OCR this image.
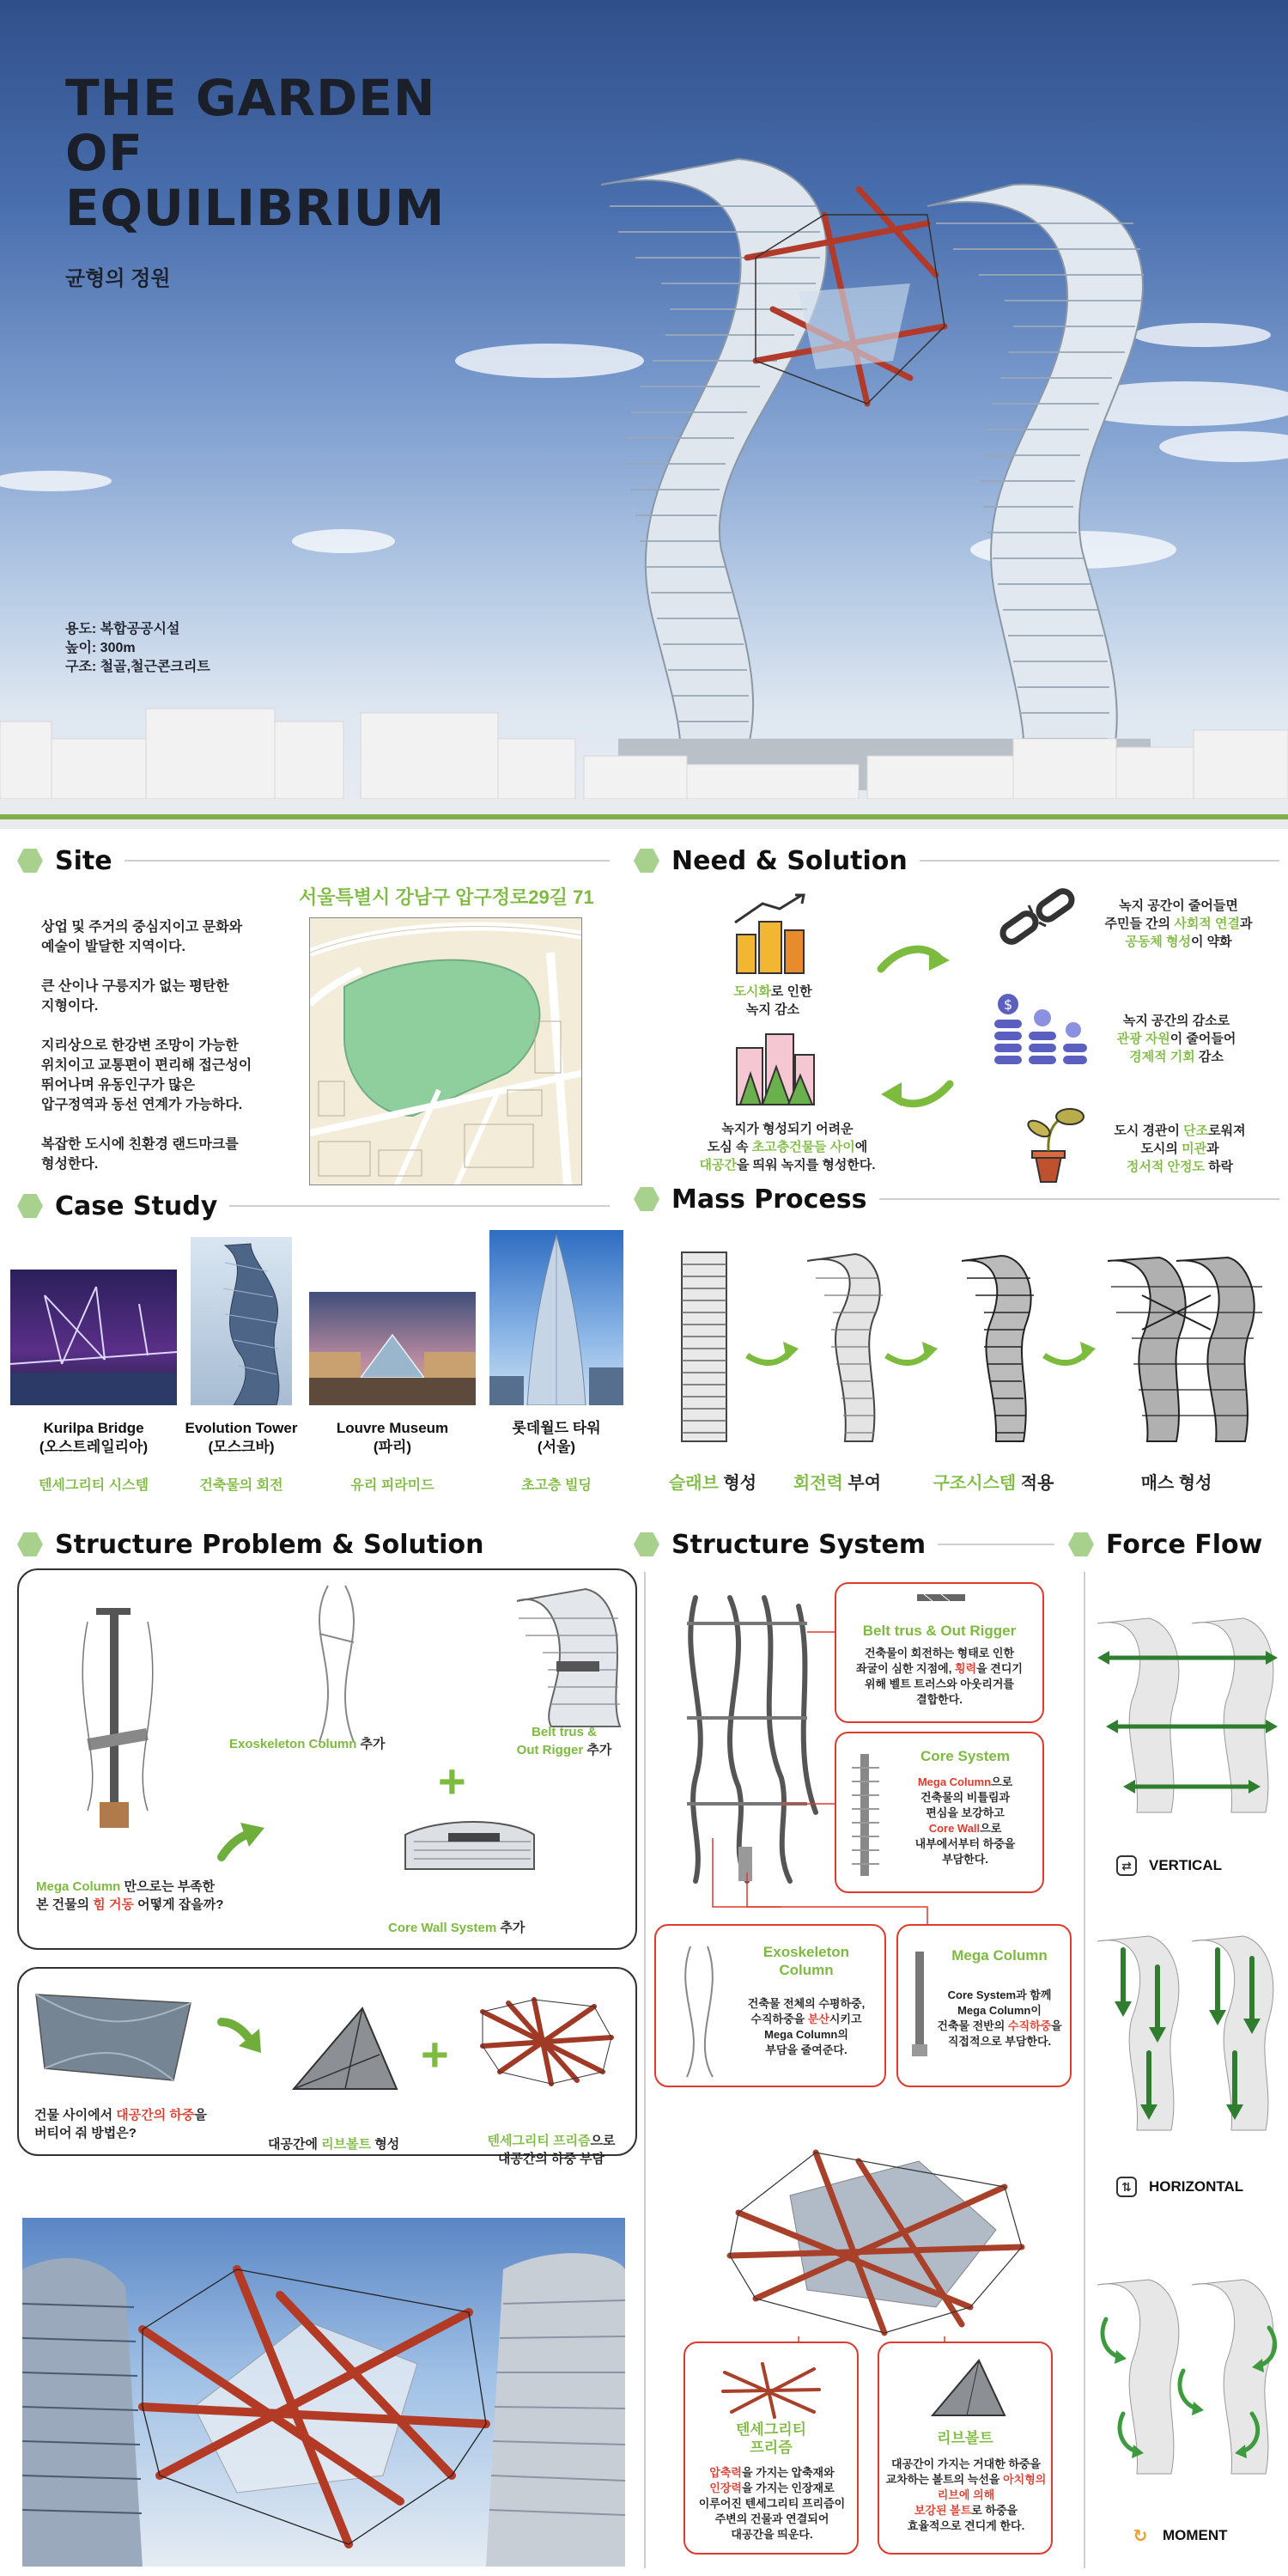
THE GARDEN
OF
EQUILIBRIUM
균형의 정원
용도: 복합공공시설
높이: 300m
구조: 철골,철근콘크리트
Site
서울특별시 강남구 압구정로29길 71

상업 및 주거의 중심지이고 문화와
예술이 발달한 지역이다.

큰 산이나 구릉지가 없는 평탄한
지형이다.

지리상으로 한강변 조망이 가능한
위치이고 교통편이 편리해 접근성이
뛰어나며 유동인구가 많은
압구정역과 동선 연계가 가능하다.

복잡한 도시에 친환경 랜드마크를
형성한다.

Need & Solution
도시화로 인한
녹지 감소
녹지 공간이 줄어들면
주민들 간의 사회적 연결과
공동체 형성이 약화
$
녹지 공간의 감소로
관광 자원이 줄어들어
경제적 기회 감소
녹지가 형성되기 어려운
도심 속 초고층건물들 사이에
대공간을 띄워 녹지를 형성한다.
도시 경관이 단조로워져
도시의 미관과
정서적 안정도 하락
Case Study
Kurilpa Bridge
(오스트레일리아)
Evolution Tower
(모스크바)
Louvre Museum
(파리)
롯데월드 타워
(서울)
텐세그리티 시스템	건축물의 회전	유리 피라미드	초고층 빌딩
Mass Process
슬래브 형성	회전력 부여	구조시스템 적용	매스 형성
Structure Problem & Solution
Exoskeleton Column 추가
+
Belt trus &
Out Rigger 추가
Core Wall System 추가
Mega Column 만으로는 부족한
본 건물의 힘 거동 어떻게 잡을까?
+
건물 사이에서 대공간의 하중을
버티어 줘 방법은?
대공간에 리브볼트 형성	텐세그리티 프리즘으로
대공간의 하중 부담
Structure System
Belt trus & Out Rigger
건축물이 회전하는 형태로 인한
좌굴이 심한 지점에, 횡력을 견디기
위해 벨트 트러스와 아웃리거를
결합한다.
Core System
Mega Column으로
건축물의 비틀림과
편심을 보강하고
Core Wall으로
내부에서부터 하중을
부담한다.
Exoskeleton
Column
건축물 전체의 수평하중,
수직하중을 분산시키고
Mega Column의
부담을 줄여준다.
Mega Column
Core System과 함께
Mega Column이
건축물 전반의 수직하중을
직접적으로 부담한다.
텐세그리티
프리즘
압축력을 가지는 압축재와
인장력을 가지는 인장재로
이루어진 텐세그리티 프리즘이
주변의 건물과 연결되어
대공간을 띄운다.
리브볼트
대공간이 가지는 거대한 하중을
교차하는 볼트의 늑선을 아치형의
리브에 의해
보강된 볼트로 하중을
효율적으로 견디게 한다.
Force Flow
⇄	VERTICAL
⇅	HORIZONTAL
↻ MOMENT
